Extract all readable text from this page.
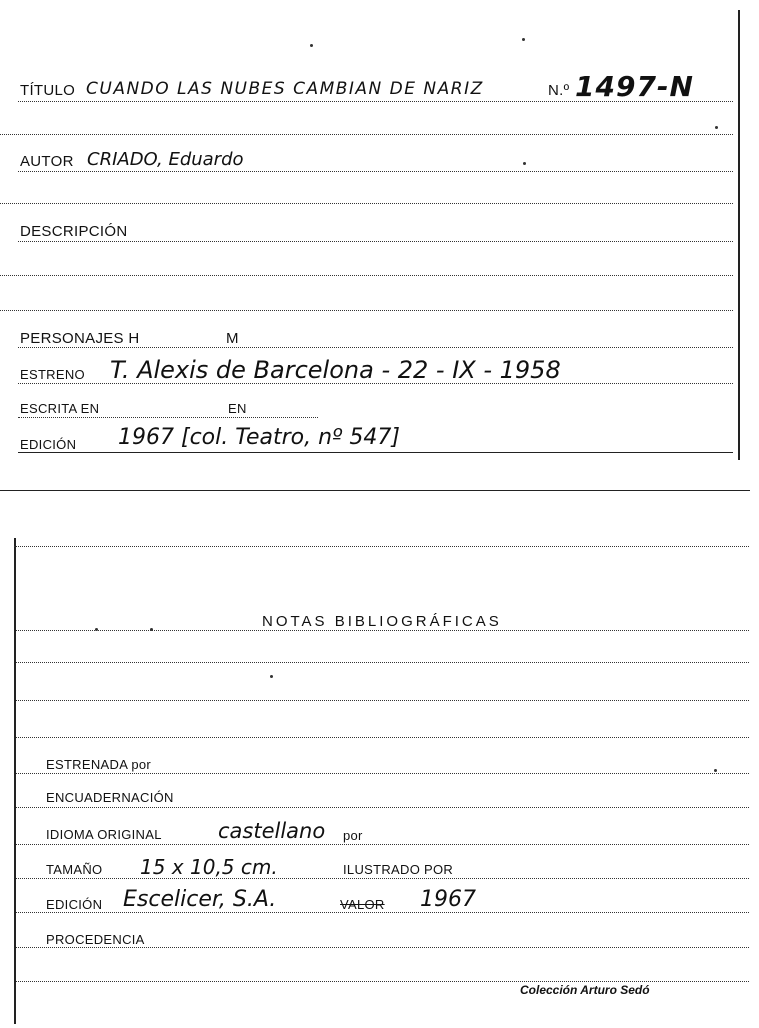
TÍTULO CUANDO LAS NUBES CAMBIAN DE NARIZ	N.º 1497-N
AUTOR CRIADO, Eduardo
DESCRIPCIÓN
PERSONAJES H	M
ESTRENO T. Alexis de Barcelona - 22 - IX - 1958
ESCRITA EN	EN
EDICIÓN 1967 [col. Teatro, nº 547]
NOTAS BIBLIOGRÁFICAS
ESTRENADA por
ENCUADERNACIÓN
IDIOMA ORIGINAL	castellano por
TAMAÑO 15 x 10,5 cm.	ILUSTRADO POR
EDICIÓN Escelicer, S.A.	VALOR 1967
PROCEDENCIA
Colección Arturo Sedó
